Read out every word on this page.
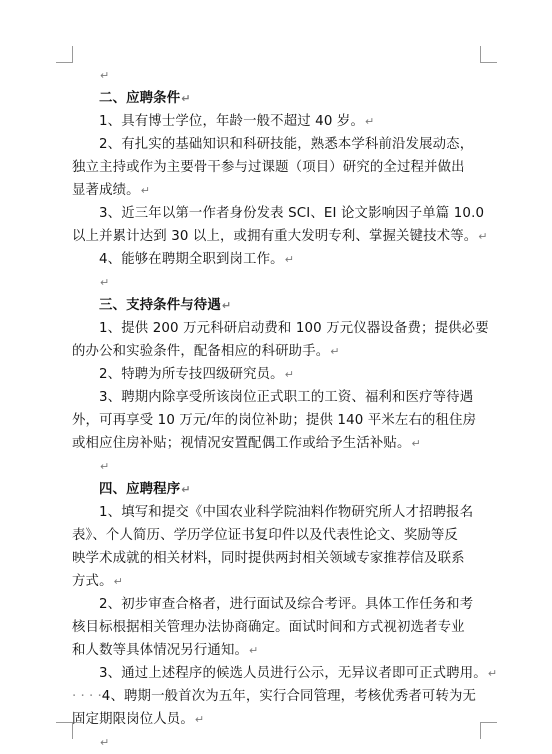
↵
二、应聘条件↵
1、具有博士学位，年龄一般不超过 40 岁。↵
2、有扎实的基础知识和科研技能，熟悉本学科前沿发展动态，
独立主持或作为主要骨干参与过课题（项目）研究的全过程并做出
显著成绩。↵
3、近三年以第一作者身份发表 SCI、EI 论文影响因子单篇 10.0
以上并累计达到 30 以上，或拥有重大发明专利、掌握关键技术等。↵
4、能够在聘期全职到岗工作。↵
↵
三、支持条件与待遇↵
1、提供 200 万元科研启动费和 100 万元仪器设备费；提供必要
的办公和实验条件，配备相应的科研助手。↵
2、特聘为所专技四级研究员。↵
3、聘期内除享受所该岗位正式职工的工资、福利和医疗等待遇
外，可再享受 10 万元/年的岗位补助；提供 140 平米左右的租住房
或相应住房补贴；视情况安置配偶工作或给予生活补贴。↵
↵
四、应聘程序↵
1、填写和提交《中国农业科学院油料作物研究所人才招聘报名
表》、个人简历、学历学位证书复印件以及代表性论文、奖励等反
映学术成就的相关材料，同时提供两封相关领域专家推荐信及联系
方式。↵
2、初步审查合格者，进行面试及综合考评。具体工作任务和考
核目标根据相关管理办法协商确定。面试时间和方式视初选者专业
和人数等具体情况另行通知。↵
3、通过上述程序的候选人员进行公示，无异议者即可正式聘用。↵
· · · ·4、聘期一般首次为五年，实行合同管理，考核优秀者可转为无
固定期限岗位人员。↵
↵
